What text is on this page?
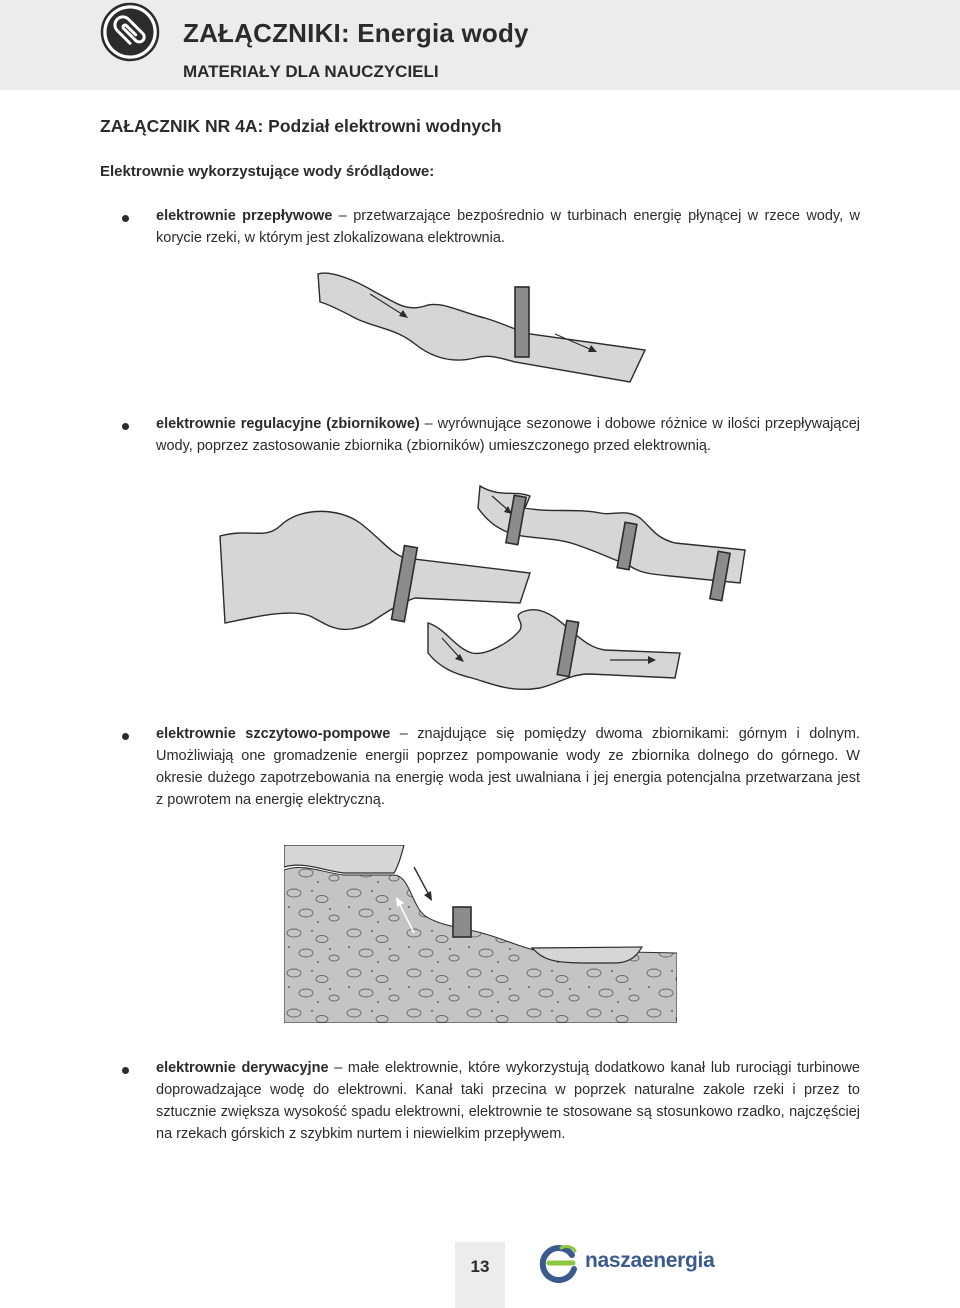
ZAŁĄCZNIKI: Energia wody
MATERIAŁY DLA NAUCZYCIELI
ZAŁĄCZNIK NR 4A: Podział elektrowni wodnych
Elektrownie wykorzystujące wody śródlądowe:
elektrownie przepływowe – przetwarzające bezpośrednio w turbinach energię płynącej w rzece wody, w korycie rzeki, w którym jest zlokalizowana elektrownia.
elektrownie regulacyjne (zbiornikowe) – wyrównujące sezonowe i dobowe różnice w ilości przepływającej wody, poprzez zastosowanie zbiornika (zbiorników) umieszczonego przed elektrownią.
elektrownie szczytowo-pompowe – znajdujące się pomiędzy dwoma zbiornikami: górnym i dolnym. Umożliwiają one gromadzenie energii poprzez pompowanie wody ze zbiornika dolnego do górnego. W okresie dużego zapotrzebowania na energię woda jest uwalniana i jej energia potencjalna przetwarzana jest z powrotem na energię elektryczną.
elektrownie derywacyjne – małe elektrownie, które wykorzystują dodatkowo kanał lub rurociągi turbinowe doprowadzające wodę do elektrowni. Kanał taki przecina w poprzek naturalne zakole rzeki i przez to sztucznie zwiększa wysokość spadu elektrowni, elektrownie te stosowane są stosunkowo rzadko, najczęściej na rzekach górskich z szybkim nurtem i niewielkim przepływem.
13	naszaenergia
